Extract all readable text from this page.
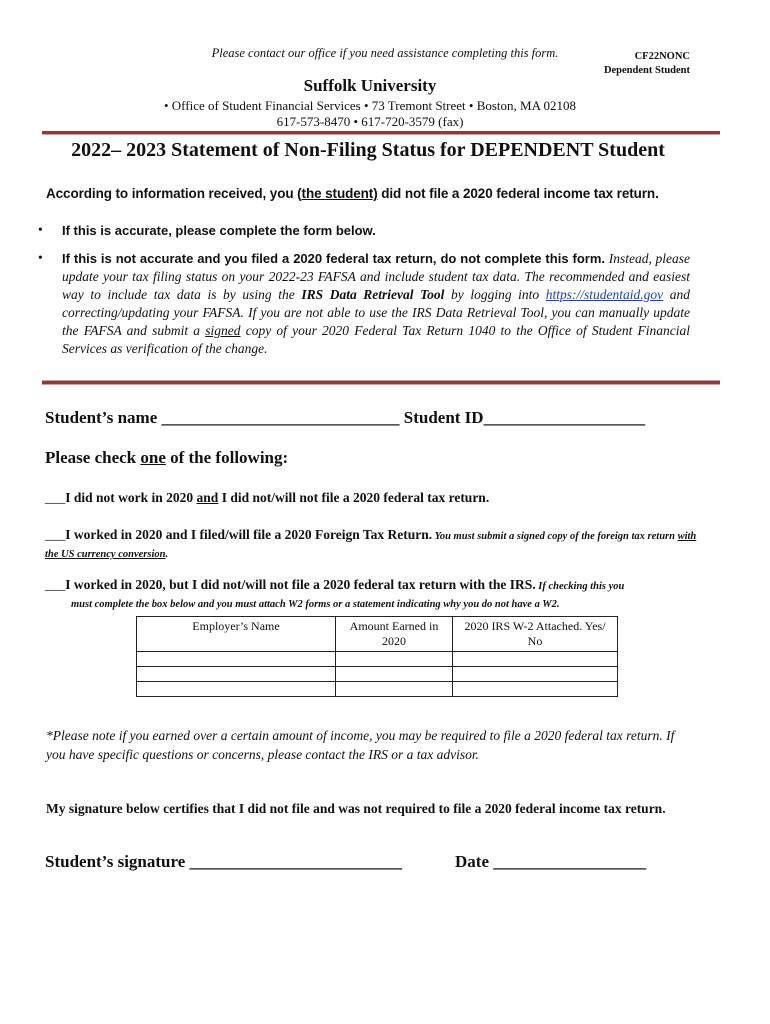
Please contact our office if you need assistance completing this form.	CF22NONC
Dependent Student
Suffolk University
• Office of Student Financial Services • 73 Tremont Street • Boston, MA 02108
617-573-8470 • 617-720-3579 (fax)
2022– 2023 Statement of Non-Filing Status for DEPENDENT Student
According to information received, you (the student) did not file a 2020 federal income tax return.
• If this is accurate, please complete the form below.
• If this is not accurate and you filed a 2020 federal tax return, do not complete this form. Instead, please update your tax filing status on your 2022-23 FAFSA and include student tax data. The recommended and easiest way to include tax data is by using the IRS Data Retrieval Tool by logging into https://studentaid.gov and correcting/updating your FAFSA. If you are not able to use the IRS Data Retrieval Tool, you can manually update the FAFSA and submit a signed copy of your 2020 Federal Tax Return 1040 to the Office of Student Financial Services as verification of the change.
Student’s name ____________________________ Student ID___________________
Please check one of the following:
___I did not work in 2020 and I did not/will not file a 2020 federal tax return.
___I worked in 2020 and I filed/will file a 2020 Foreign Tax Return. You must submit a signed copy of the foreign tax return with the US currency conversion.
___I worked in 2020, but I did not/will not file a 2020 federal tax return with the IRS. If checking this you
must complete the box below and you must attach W2 forms or a statement indicating why you do not have a W2.
Employer’s Name	Amount Earned in 2020	2020 IRS W-2 Attached. Yes/ No

*Please note if you earned over a certain amount of income, you may be required to file a 2020 federal tax return. If you have specific questions or concerns, please contact the IRS or a tax advisor.
My signature below certifies that I did not file and was not required to file a 2020 federal income tax return.
Student’s signature _________________________	Date __________________
